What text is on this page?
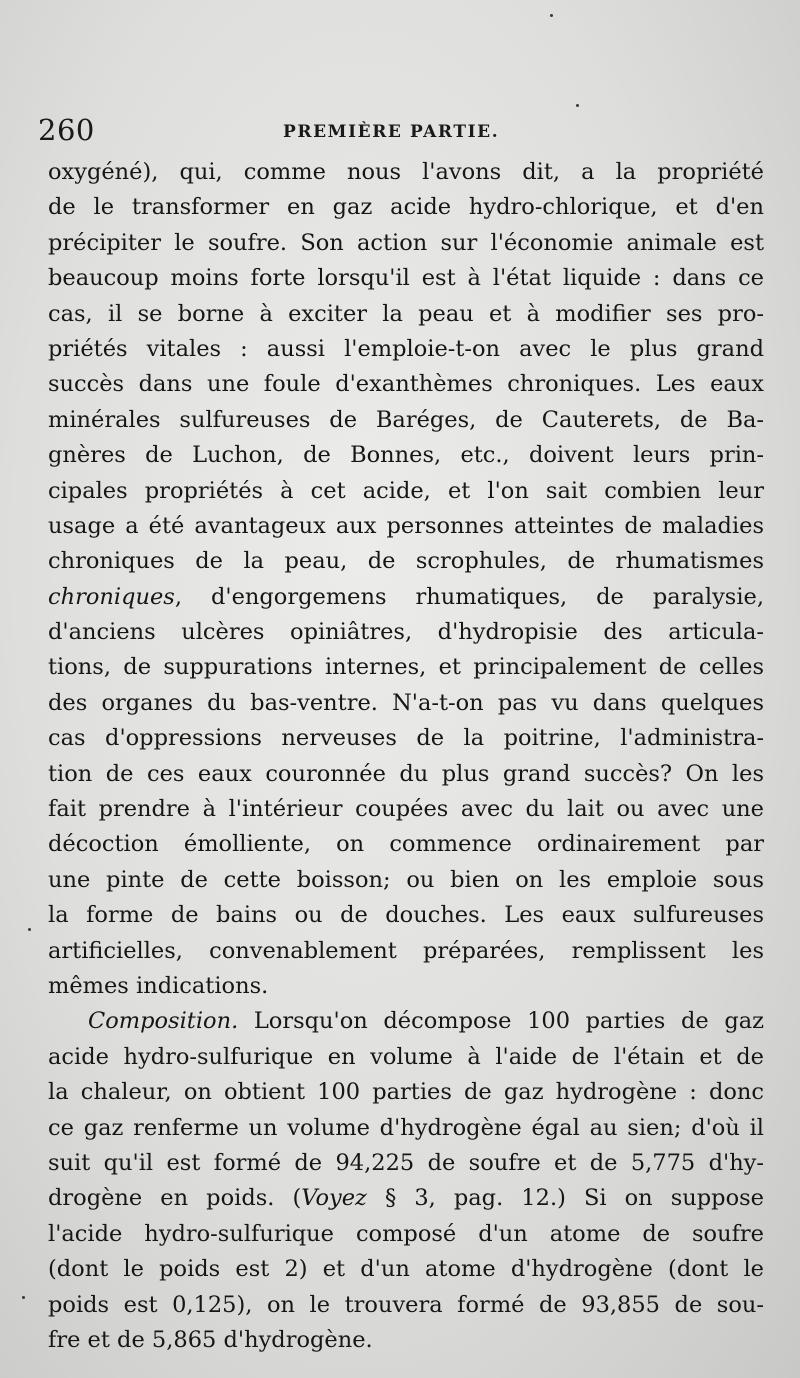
260	PREMIÈRE PARTIE.
oxygéné), qui, comme nous l'avons dit, a la propriété
de le transformer en gaz acide hydro-chlorique, et d'en
précipiter le soufre. Son action sur l'économie animale est
beaucoup moins forte lorsqu'il est à l'état liquide : dans ce
cas, il se borne à exciter la peau et à modifier ses pro-
priétés vitales : aussi l'emploie-t-on avec le plus grand
succès dans une foule d'exanthèmes chroniques. Les eaux
minérales sulfureuses de Baréges, de Cauterets, de Ba-
gnères de Luchon, de Bonnes, etc., doivent leurs prin-
cipales propriétés à cet acide, et l'on sait combien leur
usage a été avantageux aux personnes atteintes de maladies
chroniques de la peau, de scrophules, de rhumatismes
chroniques, d'engorgemens rhumatiques, de paralysie,
d'anciens ulcères opiniâtres, d'hydropisie des articula-
tions, de suppurations internes, et principalement de celles
des organes du bas-ventre. N'a-t-on pas vu dans quelques
cas d'oppressions nerveuses de la poitrine, l'administra-
tion de ces eaux couronnée du plus grand succès? On les
fait prendre à l'intérieur coupées avec du lait ou avec une
décoction émolliente, on commence ordinairement par
une pinte de cette boisson; ou bien on les emploie sous
la forme de bains ou de douches. Les eaux sulfureuses
artificielles, convenablement préparées, remplissent les
mêmes indications.
Composition. Lorsqu'on décompose 100 parties de gaz
acide hydro-sulfurique en volume à l'aide de l'étain et de
la chaleur, on obtient 100 parties de gaz hydrogène : donc
ce gaz renferme un volume d'hydrogène égal au sien; d'où il
suit qu'il est formé de 94,225 de soufre et de 5,775 d'hy-
drogène en poids. (Voyez § 3, pag. 12.) Si on suppose
l'acide hydro-sulfurique composé d'un atome de soufre
(dont le poids est 2) et d'un atome d'hydrogène (dont le
poids est 0,125), on le trouvera formé de 93,855 de sou-
fre et de 5,865 d'hydrogène.
